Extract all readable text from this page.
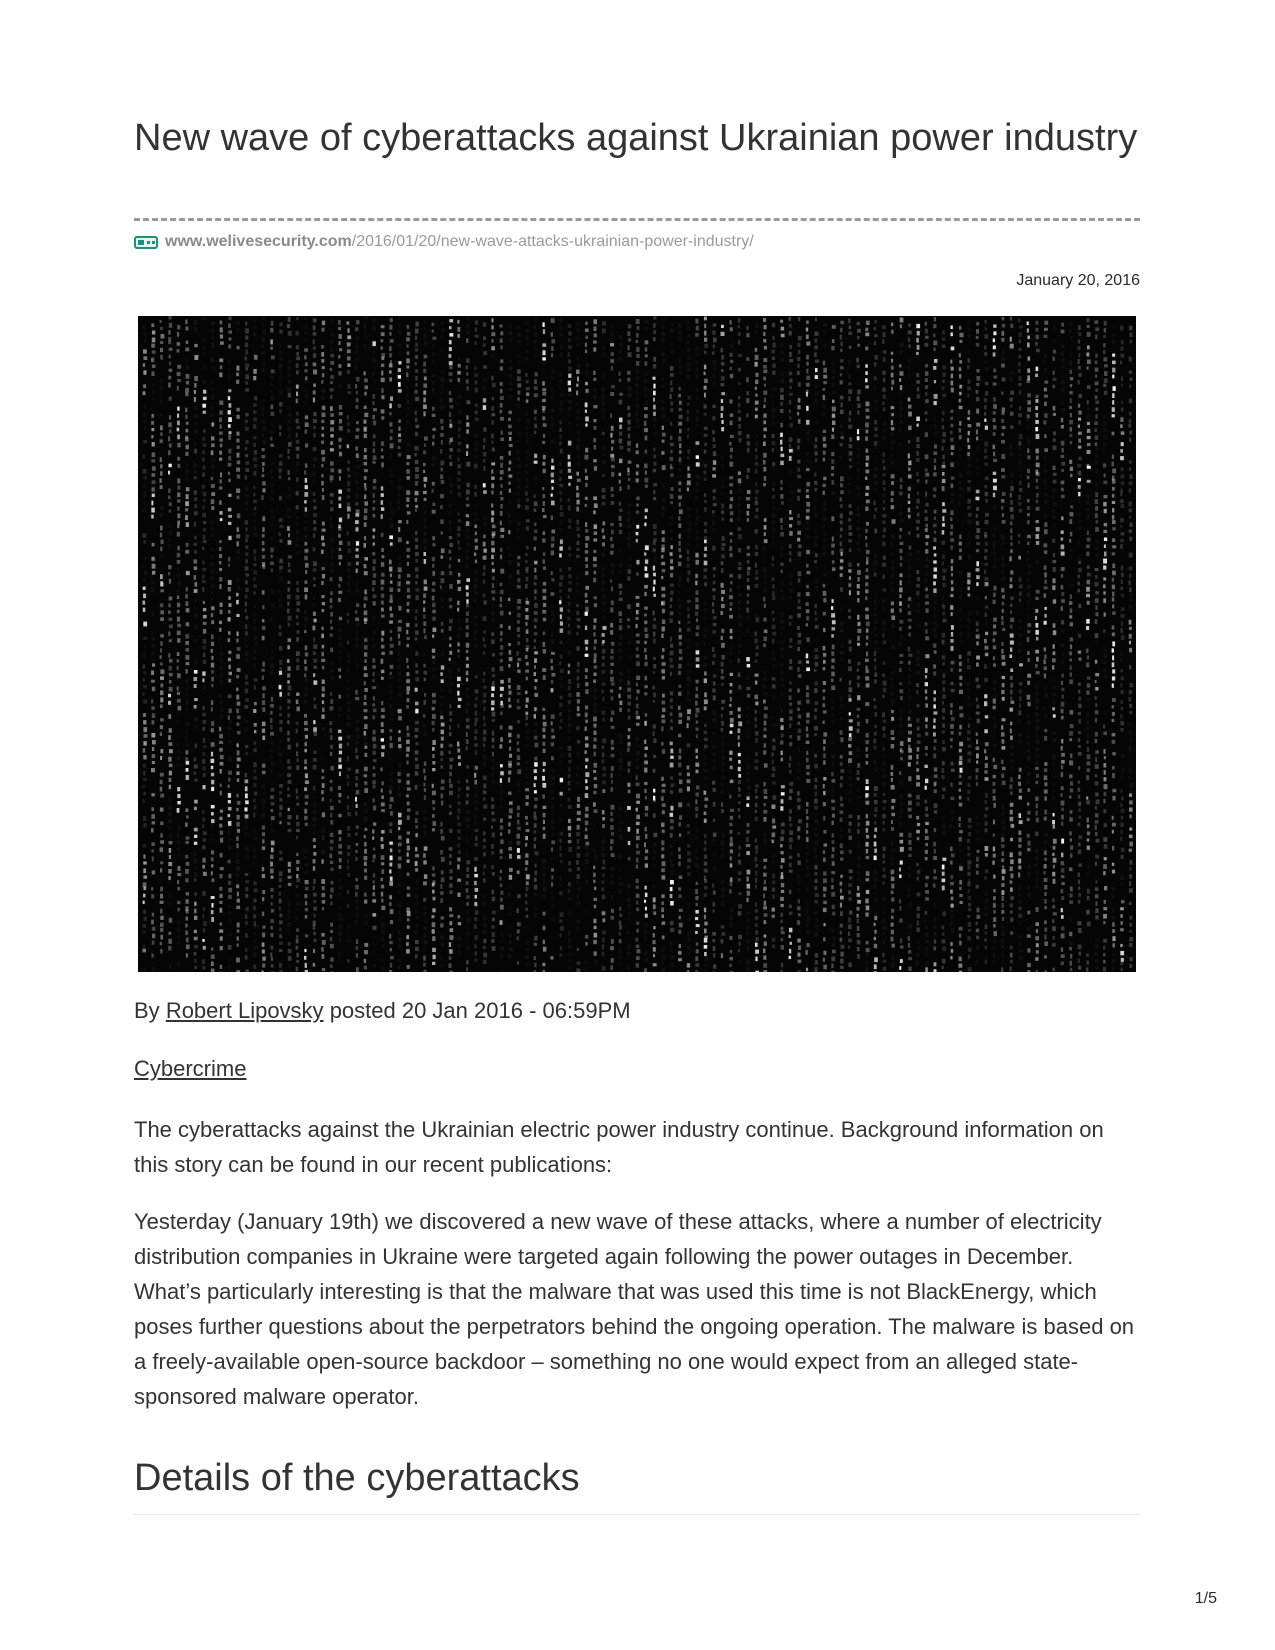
New wave of cyberattacks against Ukrainian power industry
www.welivesecurity.com /2016/01/20/new-wave-attacks-ukrainian-power-industry/
January 20, 2016
By Robert Lipovsky posted 20 Jan 2016 - 06:59PM
Cybercrime

The cyberattacks against the Ukrainian electric power industry continue. Background information on this story can be found in our recent publications:

Yesterday (January 19th) we discovered a new wave of these attacks, where a number of electricity distribution companies in Ukraine were targeted again following the power outages in December. What’s particularly interesting is that the malware that was used this time is not BlackEnergy, which poses further questions about the perpetrators behind the ongoing operation. The malware is based on a freely-available open-source backdoor – something no one would expect from an alleged state-sponsored malware operator.

Details of the cyberattacks
1/5
